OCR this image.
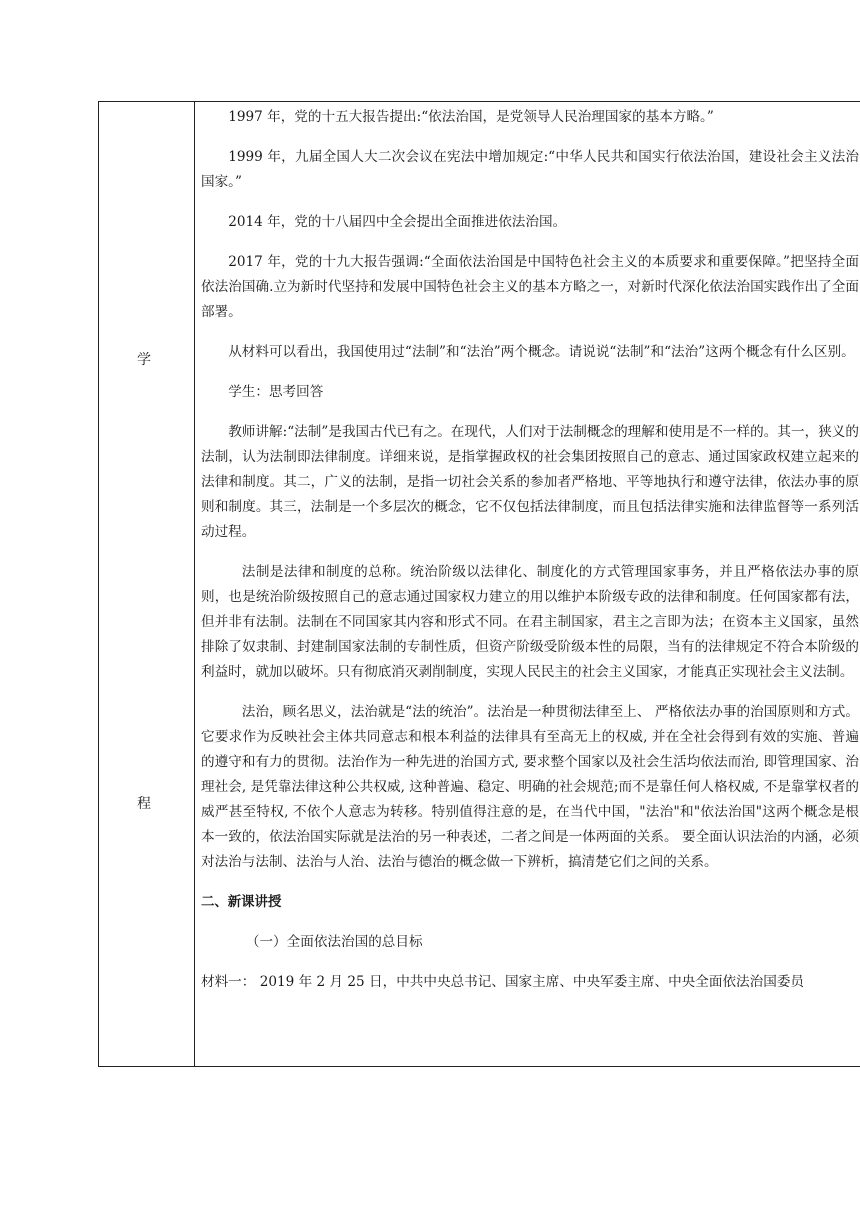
学
程

1997 年，党的十五大报告提出:“依法治国，是党领导人民治理国家的基本方略。”

1999 年，九届全国人大二次会议在宪法中增加规定:“中华人民共和国实行依法治国，建设社会主义法治国家。”

2014 年，党的十八届四中全会提出全面推进依法治国。

2017 年，党的十九大报告强调:“全面依法治国是中国特色社会主义的本质要求和重要保障。”把坚持全面依法治国确.立为新时代坚持和发展中国特色社会主义的基本方略之一，对新时代深化依法治国实践作出了全面部署。

从材料可以看出，我国使用过“法制”和“法治”两个概念。请说说“法制”和“法治”这两个概念有什么区别。

学生：思考回答

教师讲解:“法制”是我国古代已有之。在现代，人们对于法制概念的理解和使用是不一样的。其一，狭义的法制，认为法制即法律制度。详细来说，是指掌握政权的社会集团按照自己的意志、通过国家政权建立起来的法律和制度。其二，广义的法制，是指一切社会关系的参加者严格地、平等地执行和遵守法律，依法办事的原则和制度。其三，法制是一个多层次的概念，它不仅包括法律制度，而且包括法律实施和法律监督等一系列活动过程。

法制是法律和制度的总称。统治阶级以法律化、制度化的方式管理国家事务，并且严格依法办事的原则，也是统治阶级按照自己的意志通过国家权力建立的用以维护本阶级专政的法律和制度。任何国家都有法，但并非有法制。法制在不同国家其内容和形式不同。在君主制国家，君主之言即为法；在资本主义国家，虽然排除了奴隶制、封建制国家法制的专制性质，但资产阶级受阶级本性的局限，当有的法律规定不符合本阶级的利益时，就加以破坏。只有彻底消灭剥削制度，实现人民民主的社会主义国家，才能真正实现社会主义法制。

法治，顾名思义，法治就是“法的统治”。法治是一种贯彻法律至上、 严格依法办事的治国原则和方式。它要求作为反映社会主体共同意志和根本利益的法律具有至高无上的权威, 并在全社会得到有效的实施、普遍的遵守和有力的贯彻。法治作为一种先进的治国方式, 要求整个国家以及社会生活均依法而治, 即管理国家、治理社会, 是凭靠法律这种公共权威, 这种普遍、稳定、明确的社会规范;而不是靠任何人格权威, 不是靠掌权者的威严甚至特权, 不依个人意志为转移。特别值得注意的是，在当代中国，"法治"和"依法治国"这两个概念是根本一致的，依法治国实际就是法治的另一种表述，二者之间是一体两面的关系。 要全面认识法治的内涵，必须对法治与法制、法治与人治、法治与德治的概念做一下辨析，搞清楚它们之间的关系。

二、新课讲授

（一）全面依法治国的总目标

材料一： 2019 年 2 月 25 日，中共中央总书记、国家主席、中央军委主席、中央全面依法治国委员
